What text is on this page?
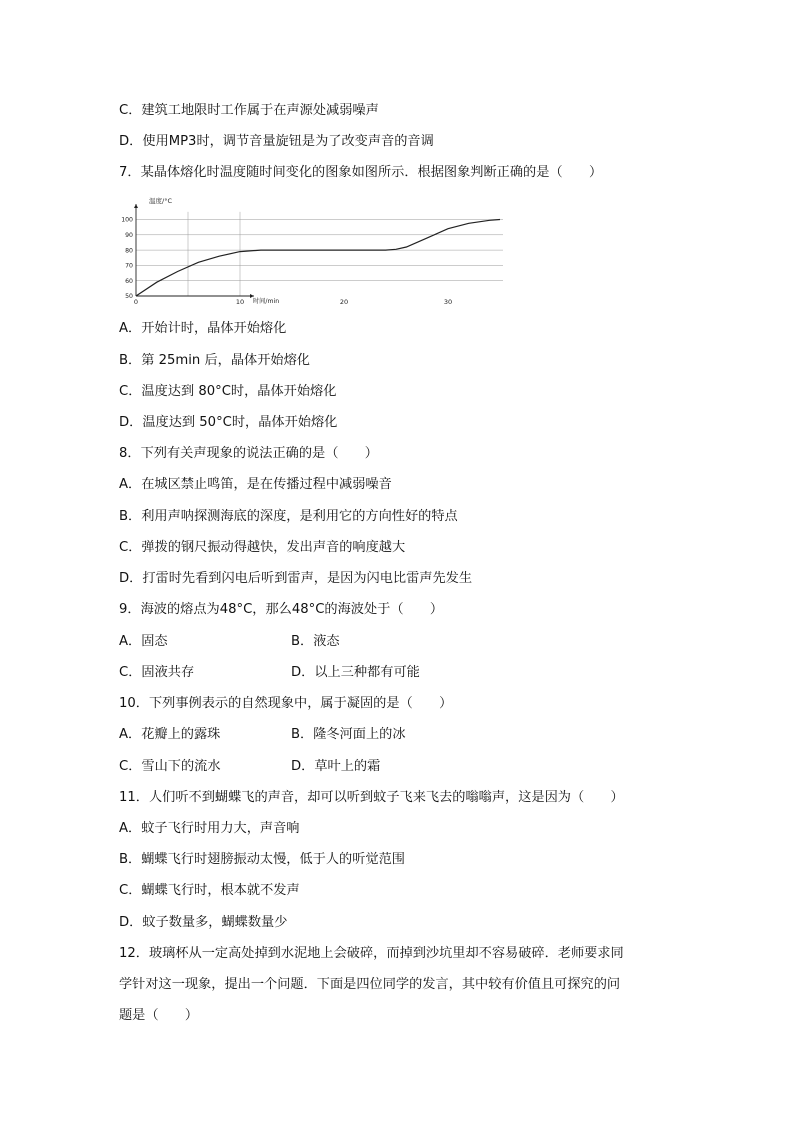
C．建筑工地限时工作属于在声源处减弱噪声
D．使用MP3时，调节音量旋钮是为了改变声音的音调
7．某晶体熔化时温度随时间变化的图象如图所示．根据图象判断正确的是（　　）
0	10	20	30
50
60
70
80
90
100
温度/°C
时间/min
A．开始计时，晶体开始熔化
B．第 25min 后，晶体开始熔化
C．温度达到 80°C时，晶体开始熔化
D．温度达到 50°C时，晶体开始熔化
8．下列有关声现象的说法正确的是（　　）
A．在城区禁止鸣笛，是在传播过程中减弱噪音
B．利用声呐探测海底的深度，是利用它的方向性好的特点
C．弹拨的钢尺振动得越快，发出声音的响度越大
D．打雷时先看到闪电后听到雷声，是因为闪电比雷声先发生
9．海波的熔点为48°C，那么48°C的海波处于（　　）
A．固态	B．液态
C．固液共存	D．以上三种都有可能
10．下列事例表示的自然现象中，属于凝固的是（　　）
A．花瓣上的露珠	B．隆冬河面上的冰
C．雪山下的流水	D．草叶上的霜
11．人们听不到蝴蝶飞的声音，却可以听到蚊子飞来飞去的嗡嗡声，这是因为（　　）
A．蚊子飞行时用力大，声音响
B．蝴蝶飞行时翅膀振动太慢，低于人的听觉范围
C．蝴蝶飞行时，根本就不发声
D．蚊子数量多，蝴蝶数量少
12．玻璃杯从一定高处掉到水泥地上会破碎，而掉到沙坑里却不容易破碎．老师要求同
学针对这一现象，提出一个问题．下面是四位同学的发言，其中较有价值且可探究的问
题是（　　）
